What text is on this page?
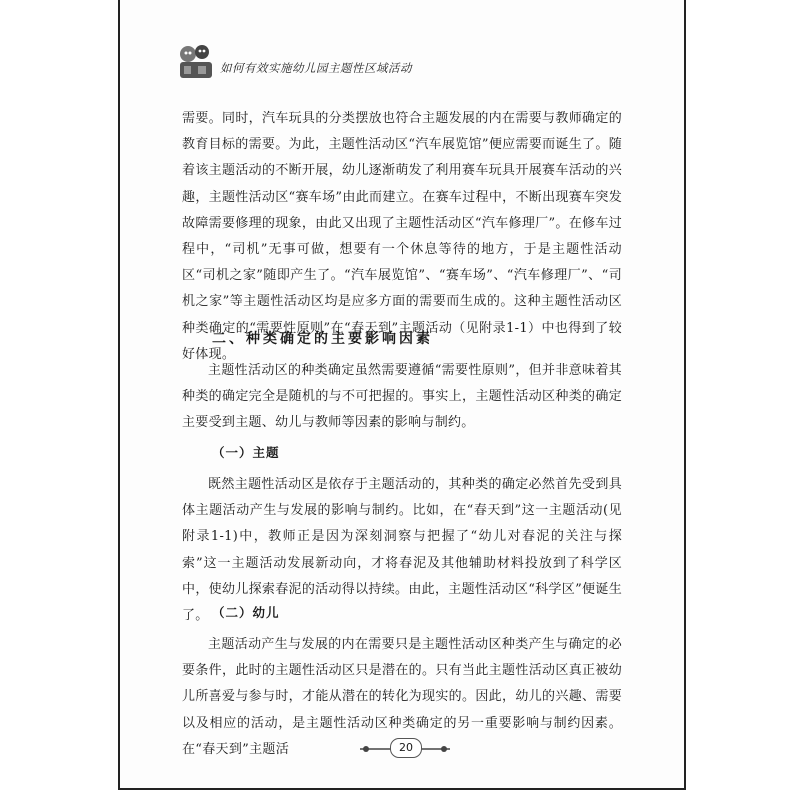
如何有效实施幼儿园主题性区域活动

需要。同时，汽车玩具的分类摆放也符合主题发展的内在需要与教师确定的教育目标的需要。为此，主题性活动区“汽车展览馆”便应需要而诞生了。随着该主题活动的不断开展，幼儿逐渐萌发了利用赛车玩具开展赛车活动的兴趣，主题性活动区“赛车场”由此而建立。在赛车过程中，不断出现赛车突发故障需要修理的现象，由此又出现了主题性活动区“汽车修理厂”。在修车过程中，“司机”无事可做，想要有一个休息等待的地方，于是主题性活动区“司机之家”随即产生了。“汽车展览馆”、“赛车场”、“汽车修理厂”、“司机之家”等主题性活动区均是应多方面的需要而生成的。这种主题性活动区种类确定的“需要性原则”在“春天到”主题活动（见附录1-1）中也得到了较好体现。

二、种类确定的主要影响因素

主题性活动区的种类确定虽然需要遵循“需要性原则”，但并非意味着其种类的确定完全是随机的与不可把握的。事实上，主题性活动区种类的确定主要受到主题、幼儿与教师等因素的影响与制约。

（一）主题

既然主题性活动区是依存于主题活动的，其种类的确定必然首先受到具体主题活动产生与发展的影响与制约。比如，在“春天到”这一主题活动(见附录1-1)中，教师正是因为深刻洞察与把握了“幼儿对春泥的关注与探索”这一主题活动发展新动向，才将春泥及其他辅助材料投放到了科学区中，使幼儿探索春泥的活动得以持续。由此，主题性活动区“科学区”便诞生了。 （二）幼儿

主题活动产生与发展的内在需要只是主题性活动区种类产生与确定的必要条件，此时的主题性活动区只是潜在的。只有当此主题性活动区真正被幼儿所喜爱与参与时，才能从潜在的转化为现实的。因此，幼儿的兴趣、需要以及相应的活动，是主题性活动区种类确定的另一重要影响与制约因素。在“春天到”主题活	20
